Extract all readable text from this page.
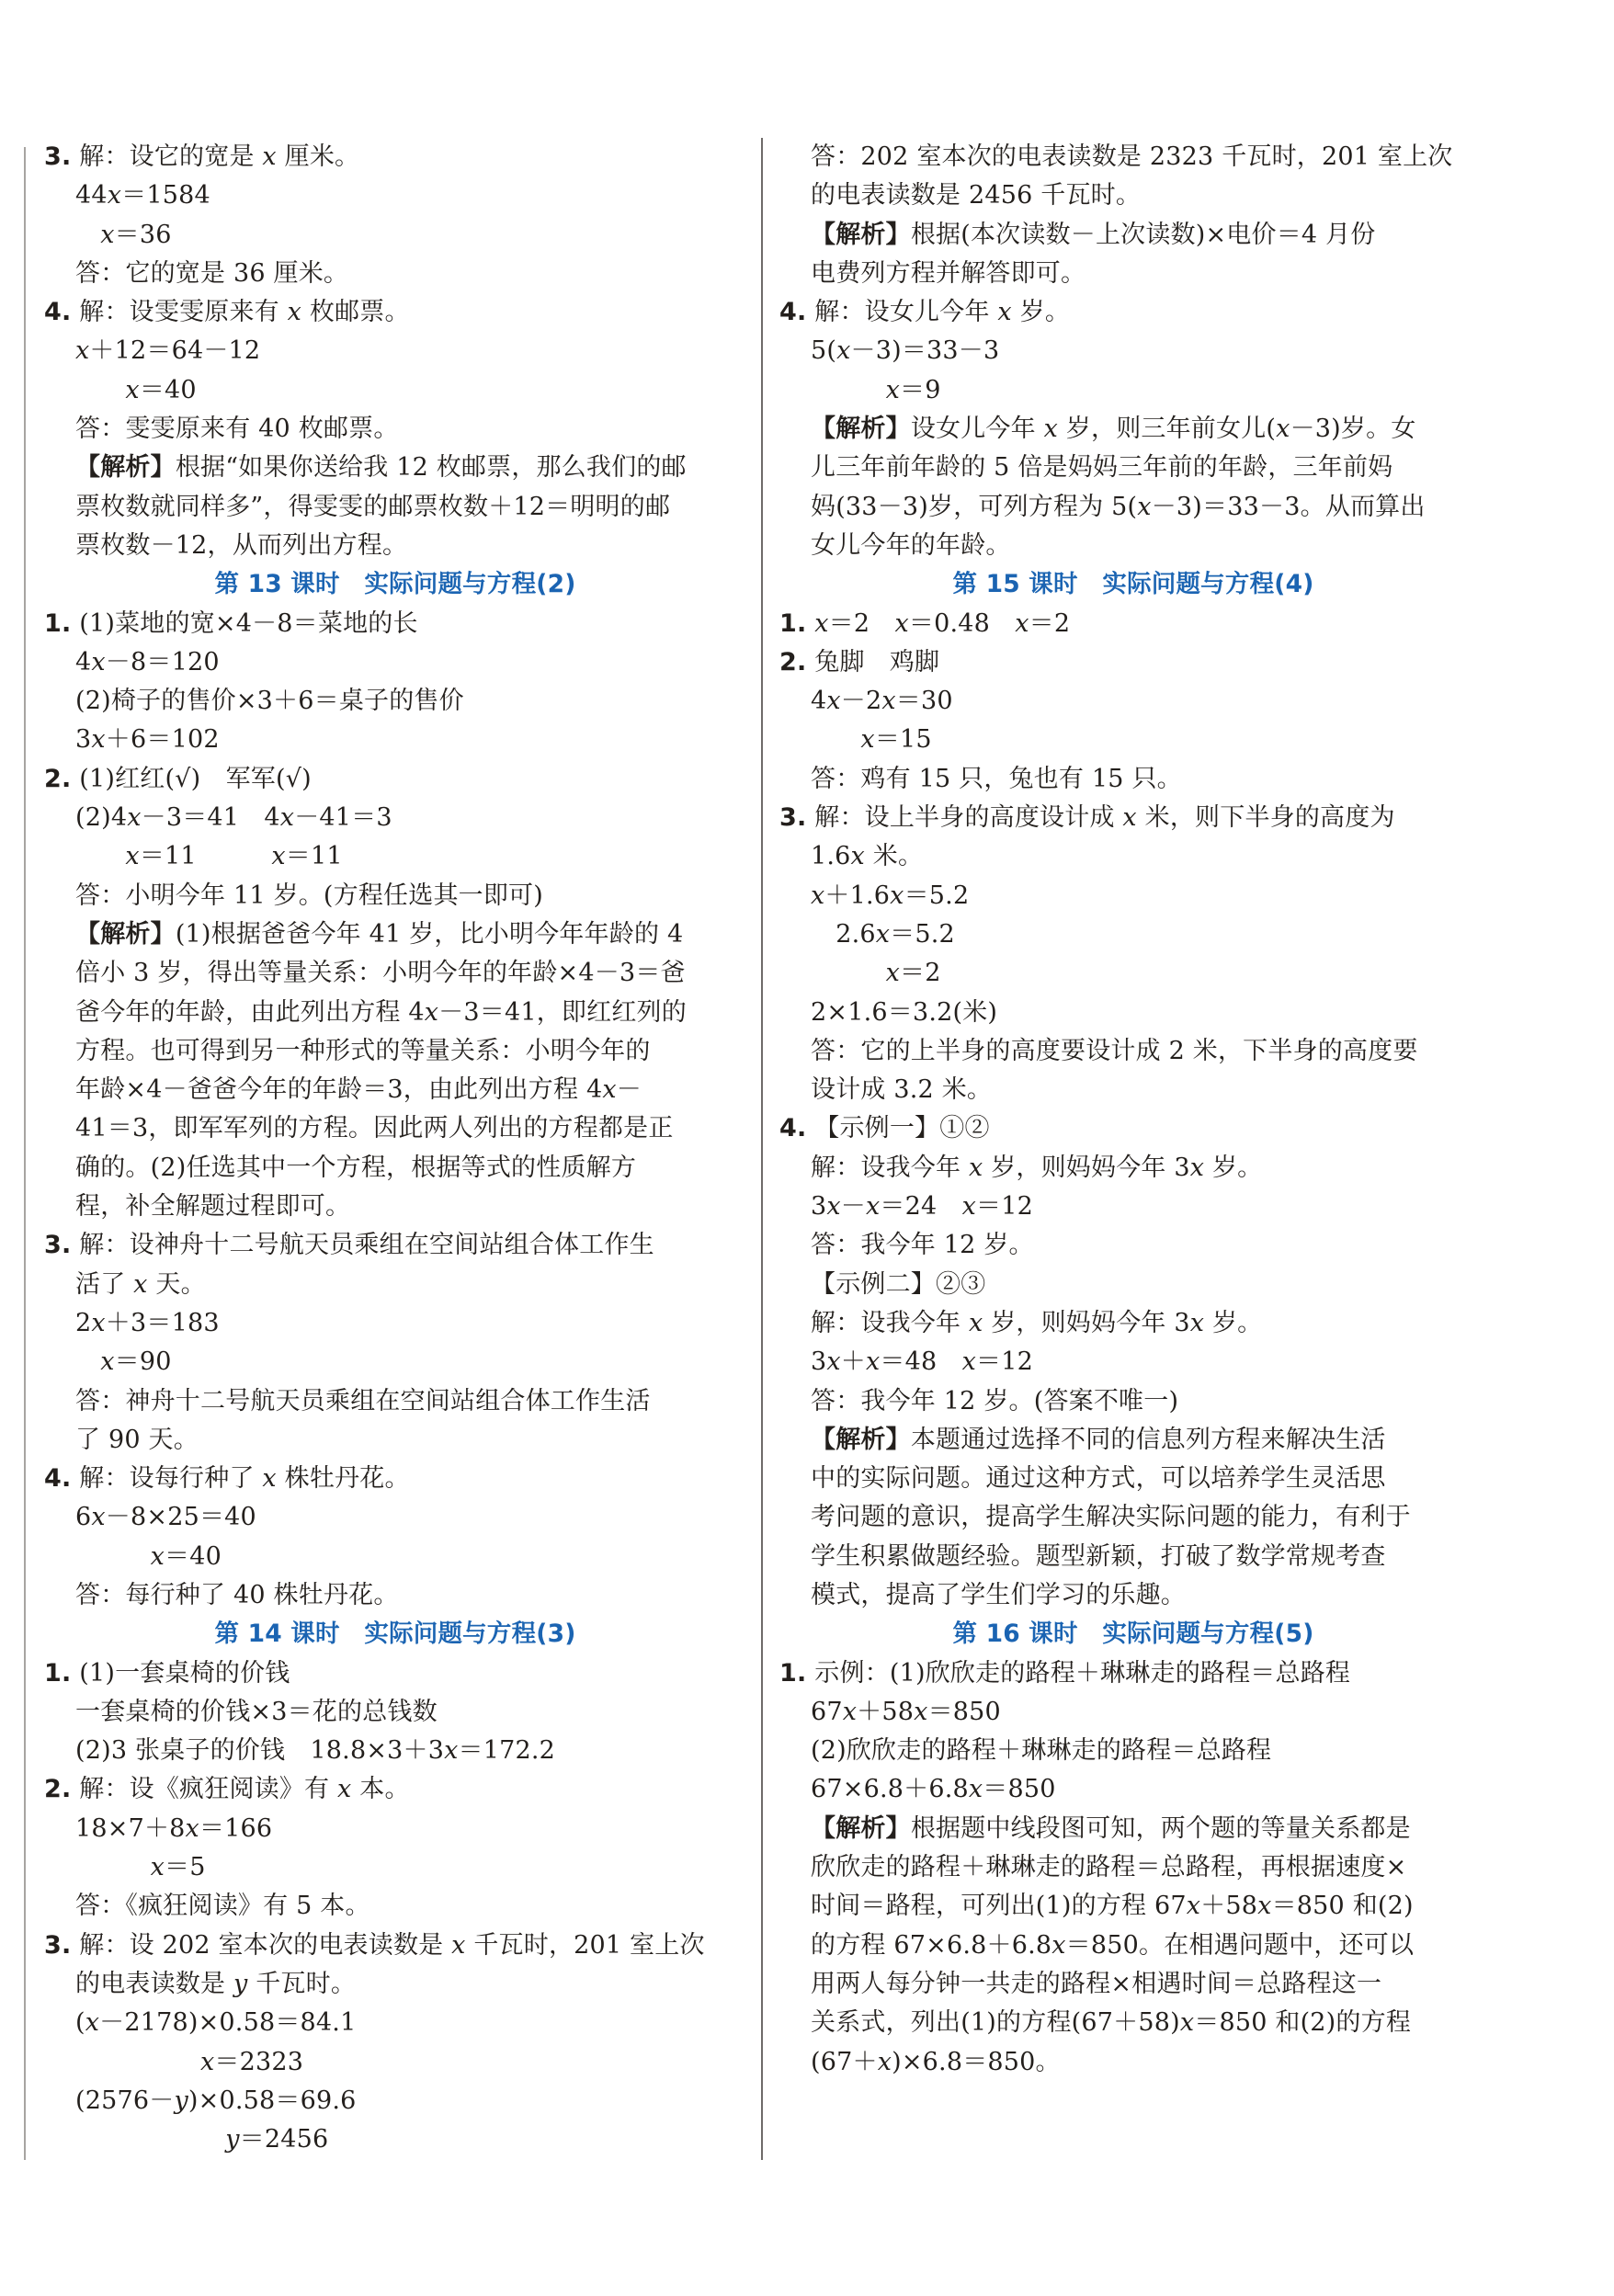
3. 解：设它的宽是 𝑥 厘米。
44𝑥＝1584
　𝑥＝36
答：它的宽是 36 厘米。
4. 解：设雯雯原来有 𝑥 枚邮票。
𝑥＋12＝64－12
　　𝑥＝40
答：雯雯原来有 40 枚邮票。
【解析】根据“如果你送给我 12 枚邮票，那么我们的邮
票枚数就同样多”，得雯雯的邮票枚数＋12＝明明的邮
票枚数－12，从而列出方程。
第 13 课时　实际问题与方程(2)
1. (1)菜地的宽×4－8＝菜地的长
4𝑥－8＝120
(2)椅子的售价×3＋6＝桌子的售价
3𝑥＋6＝102
2. (1)红红(√)　军军(√)
(2)4𝑥－3＝41　4𝑥－41＝3
　　𝑥＝11　　　𝑥＝11
答：小明今年 11 岁。(方程任选其一即可)
【解析】(1)根据爸爸今年 41 岁，比小明今年年龄的 4
倍小 3 岁，得出等量关系：小明今年的年龄×4－3＝爸
爸今年的年龄，由此列出方程 4𝑥－3＝41，即红红列的
方程。也可得到另一种形式的等量关系：小明今年的
年龄×4－爸爸今年的年龄＝3，由此列出方程 4𝑥－
41＝3，即军军列的方程。因此两人列出的方程都是正
确的。(2)任选其中一个方程，根据等式的性质解方
程，补全解题过程即可。
3. 解：设神舟十二号航天员乘组在空间站组合体工作生
活了 𝑥 天。
2𝑥＋3＝183
　𝑥＝90
答：神舟十二号航天员乘组在空间站组合体工作生活
了 90 天。
4. 解：设每行种了 𝑥 株牡丹花。
6𝑥－8×25＝40
　　　𝑥＝40
答：每行种了 40 株牡丹花。
第 14 课时　实际问题与方程(3)
1. (1)一套桌椅的价钱
一套桌椅的价钱×3＝花的总钱数
(2)3 张桌子的价钱　18.8×3＋3𝑥＝172.2
2. 解：设《疯狂阅读》有 𝑥 本。
18×7＋8𝑥＝166
　　　𝑥＝5
答：《疯狂阅读》有 5 本。
3. 解：设 202 室本次的电表读数是 𝑥 千瓦时，201 室上次
的电表读数是 𝑦 千瓦时。
(𝑥－2178)×0.58＝84.1
　　　　　𝑥＝2323
(2576－𝑦)×0.58＝69.6
　　　　　　𝑦＝2456
答：202 室本次的电表读数是 2323 千瓦时，201 室上次
的电表读数是 2456 千瓦时。
【解析】根据(本次读数－上次读数)×电价＝4 月份
电费列方程并解答即可。
4. 解：设女儿今年 𝑥 岁。
5(𝑥－3)＝33－3
　　　𝑥＝9
【解析】设女儿今年 𝑥 岁，则三年前女儿(𝑥－3)岁。女
儿三年前年龄的 5 倍是妈妈三年前的年龄，三年前妈
妈(33－3)岁，可列方程为 5(𝑥－3)＝33－3。从而算出
女儿今年的年龄。
第 15 课时　实际问题与方程(4)
1. 𝑥＝2　𝑥＝0.48　𝑥＝2
2. 兔脚　鸡脚
4𝑥－2𝑥＝30
　　𝑥＝15
答：鸡有 15 只，兔也有 15 只。
3. 解：设上半身的高度设计成 𝑥 米，则下半身的高度为
1.6𝑥 米。
𝑥＋1.6𝑥＝5.2
　2.6𝑥＝5.2
　　　𝑥＝2
2×1.6＝3.2(米)
答：它的上半身的高度要设计成 2 米，下半身的高度要
设计成 3.2 米。
4. 【示例一】①②
解：设我今年 𝑥 岁，则妈妈今年 3𝑥 岁。
3𝑥－𝑥＝24　𝑥＝12
答：我今年 12 岁。
【示例二】②③
解：设我今年 𝑥 岁，则妈妈今年 3𝑥 岁。
3𝑥＋𝑥＝48　𝑥＝12
答：我今年 12 岁。(答案不唯一)
【解析】本题通过选择不同的信息列方程来解决生活
中的实际问题。通过这种方式，可以培养学生灵活思
考问题的意识，提高学生解决实际问题的能力，有利于
学生积累做题经验。题型新颖，打破了数学常规考查
模式，提高了学生们学习的乐趣。
第 16 课时　实际问题与方程(5)
1. 示例：(1)欣欣走的路程＋琳琳走的路程＝总路程
67𝑥＋58𝑥＝850
(2)欣欣走的路程＋琳琳走的路程＝总路程
67×6.8＋6.8𝑥＝850
【解析】根据题中线段图可知，两个题的等量关系都是
欣欣走的路程＋琳琳走的路程＝总路程，再根据速度×
时间＝路程，可列出(1)的方程 67𝑥＋58𝑥＝850 和(2)
的方程 67×6.8＋6.8𝑥＝850。在相遇问题中，还可以
用两人每分钟一共走的路程×相遇时间＝总路程这一
关系式，列出(1)的方程(67＋58)𝑥＝850 和(2)的方程
(67＋𝑥)×6.8＝850。
